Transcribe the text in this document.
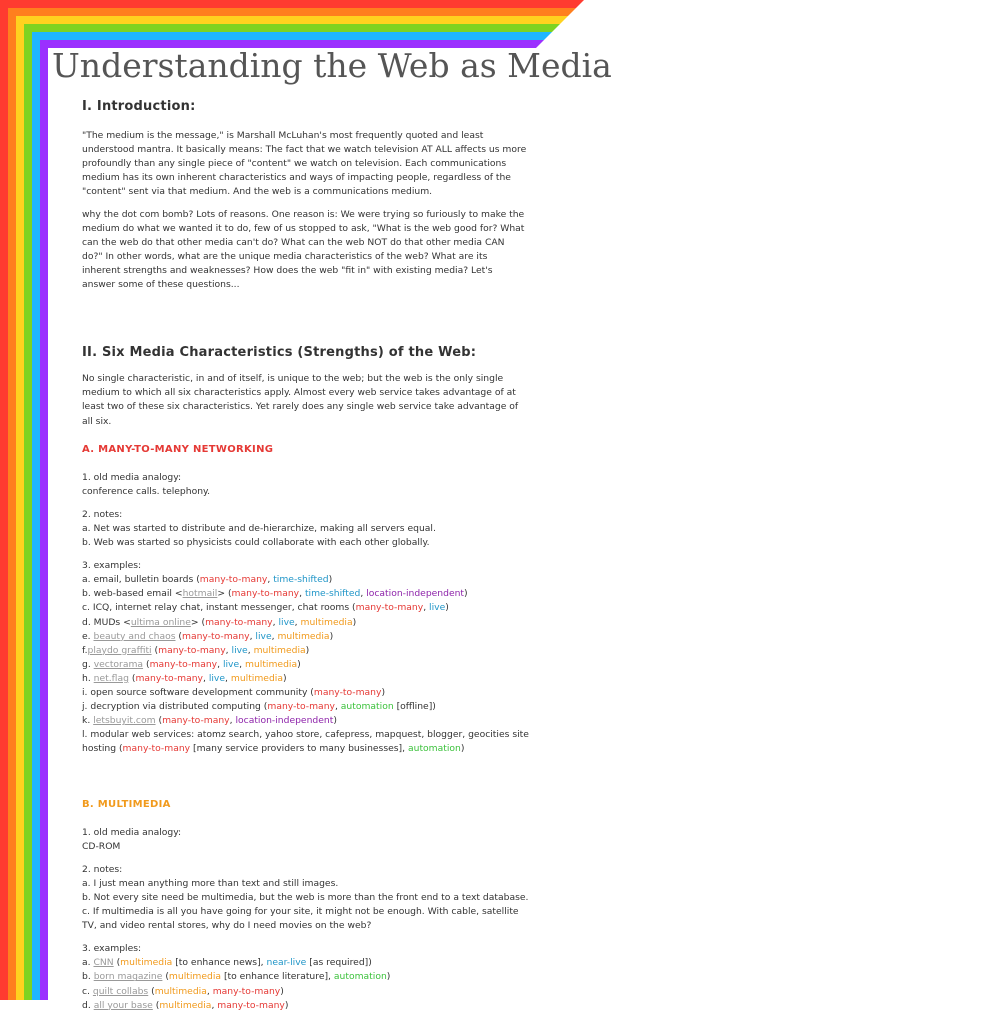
Understanding the Web as Media
I. Introduction:

"The medium is the message," is Marshall McLuhan's most frequently quoted and least understood mantra. It basically means: The fact that we watch television AT ALL affects us more profoundly than any single piece of "content" we watch on television. Each communications medium has its own inherent characteristics and ways of impacting people, regardless of the "content" sent via that medium. And the web is a communications medium.

why the dot com bomb? Lots of reasons. One reason is: We were trying so furiously to make the medium do what we wanted it to do, few of us stopped to ask, "What is the web good for? What can the web do that other media can't do? What can the web NOT do that other media CAN do?" In other words, what are the unique media characteristics of the web? What are its inherent strengths and weaknesses? How does the web "fit in" with existing media? Let's answer some of these questions...

II. Six Media Characteristics (Strengths) of the Web:

No single characteristic, in and of itself, is unique to the web; but the web is the only single medium to which all six characteristics apply. Almost every web service takes advantage of at least two of these six characteristics. Yet rarely does any single web service take advantage of all six.

A. MANY-TO-MANY NETWORKING
1. old media analogy:
conference calls. telephony.
2. notes:
a. Net was started to distribute and de-hierarchize, making all servers equal.
b. Web was started so physicists could collaborate with each other globally.
3. examples:
a. email, bulletin boards (many-to-many, time-shifted)
b. web-based email <hotmail> (many-to-many, time-shifted, location-independent)
c. ICQ, internet relay chat, instant messenger, chat rooms (many-to-many, live)
d. MUDs <ultima online> (many-to-many, live, multimedia)
e. beauty and chaos (many-to-many, live, multimedia)
f.playdo graffiti (many-to-many, live, multimedia)
g. vectorama (many-to-many, live, multimedia)
h. net.flag (many-to-many, live, multimedia)
i. open source software development community (many-to-many)
j. decryption via distributed computing (many-to-many, automation [offline])
k. letsbuyit.com (many-to-many, location-independent)
l. modular web services: atomz search, yahoo store, cafepress, mapquest, blogger, geocities site
hosting (many-to-many [many service providers to many businesses], automation)
B. MULTIMEDIA
1. old media analogy:
CD-ROM
2. notes:
a. I just mean anything more than text and still images.
b. Not every site need be multimedia, but the web is more than the front end to a text database.
c. If multimedia is all you have going for your site, it might not be enough. With cable, satellite TV, and video rental stores, why do I need movies on the web?
3. examples:
a. CNN (multimedia [to enhance news], near-live [as required])
b. born magazine (multimedia [to enhance literature], automation)
c. quilt collabs (multimedia, many-to-many)
d. all your base (multimedia, many-to-many)
